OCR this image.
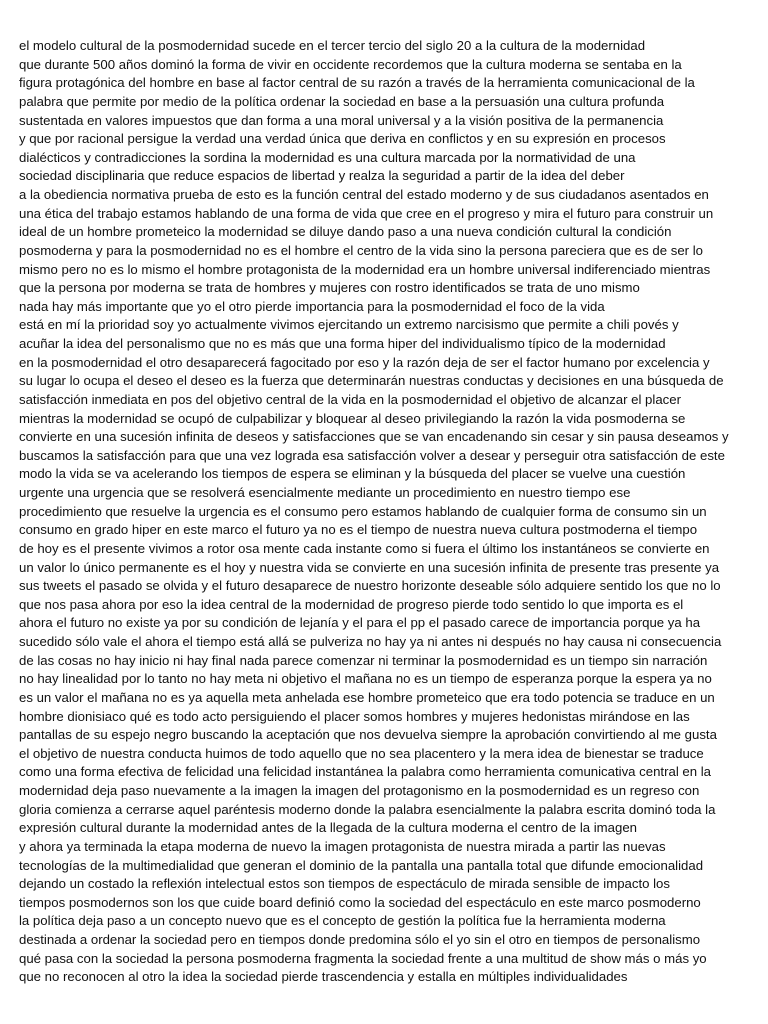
el modelo cultural de la posmodernidad sucede en el tercer tercio del siglo 20 a la cultura de la modernidad
que durante 500 años dominó la forma de vivir en occidente recordemos que la cultura moderna se sentaba en la
figura protagónica del hombre en base al factor central de su razón a través de la herramienta comunicacional de la
palabra que permite por medio de la política ordenar la sociedad en base a la persuasión una cultura profunda
sustentada en valores impuestos que dan forma a una moral universal y a la visión positiva de la permanencia
y que por racional persigue la verdad una verdad única que deriva en conflictos y en su expresión en procesos
dialécticos y contradicciones la sordina la modernidad es una cultura marcada por la normatividad de una
sociedad disciplinaria que reduce espacios de libertad y realza la seguridad a partir de la idea del deber
a la obediencia normativa prueba de esto es la función central del estado moderno y de sus ciudadanos asentados en
una ética del trabajo estamos hablando de una forma de vida que cree en el progreso y mira el futuro para construir un
ideal de un hombre prometeico la modernidad se diluye dando paso a una nueva condición cultural la condición
posmoderna y para la posmodernidad no es el hombre el centro de la vida sino la persona pareciera que es de ser lo
mismo pero no es lo mismo el hombre protagonista de la modernidad era un hombre universal indiferenciado mientras
que la persona por moderna se trata de hombres y mujeres con rostro identificados se trata de uno mismo
nada hay más importante que yo el otro pierde importancia para la posmodernidad el foco de la vida
está en mí la prioridad soy yo actualmente vivimos ejercitando un extremo narcisismo que permite a chili povés y
acuñar la idea del personalismo que no es más que una forma hiper del individualismo típico de la modernidad
en la posmodernidad el otro desaparecerá fagocitado por eso y la razón deja de ser el factor humano por excelencia y
su lugar lo ocupa el deseo el deseo es la fuerza que determinarán nuestras conductas y decisiones en una búsqueda de
satisfacción inmediata en pos del objetivo central de la vida en la posmodernidad el objetivo de alcanzar el placer
mientras la modernidad se ocupó de culpabilizar y bloquear al deseo privilegiando la razón la vida posmoderna se
convierte en una sucesión infinita de deseos y satisfacciones que se van encadenando sin cesar y sin pausa deseamos y
buscamos la satisfacción para que una vez lograda esa satisfacción volver a desear y perseguir otra satisfacción de este
modo la vida se va acelerando los tiempos de espera se eliminan y la búsqueda del placer se vuelve una cuestión
urgente una urgencia que se resolverá esencialmente mediante un procedimiento en nuestro tiempo ese
procedimiento que resuelve la urgencia es el consumo pero estamos hablando de cualquier forma de consumo sin un
consumo en grado hiper en este marco el futuro ya no es el tiempo de nuestra nueva cultura postmoderna el tiempo
de hoy es el presente vivimos a rotor osa mente cada instante como si fuera el último los instantáneos se convierte en
un valor lo único permanente es el hoy y nuestra vida se convierte en una sucesión infinita de presente tras presente ya
sus tweets el pasado se olvida y el futuro desaparece de nuestro horizonte deseable sólo adquiere sentido los que no lo
que nos pasa ahora por eso la idea central de la modernidad de progreso pierde todo sentido lo que importa es el
ahora el futuro no existe ya por su condición de lejanía y el para el pp el pasado carece de importancia porque ya ha
sucedido sólo vale el ahora el tiempo está allá se pulveriza no hay ya ni antes ni después no hay causa ni consecuencia
de las cosas no hay inicio ni hay final nada parece comenzar ni terminar la posmodernidad es un tiempo sin narración
no hay linealidad por lo tanto no hay meta ni objetivo el mañana no es un tiempo de esperanza porque la espera ya no
es un valor el mañana no es ya aquella meta anhelada ese hombre prometeico que era todo potencia se traduce en un
hombre dionisiaco qué es todo acto persiguiendo el placer somos hombres y mujeres hedonistas mirándose en las
pantallas de su espejo negro buscando la aceptación que nos devuelva siempre la aprobación convirtiendo al me gusta
el objetivo de nuestra conducta huimos de todo aquello que no sea placentero y la mera idea de bienestar se traduce
como una forma efectiva de felicidad una felicidad instantánea la palabra como herramienta comunicativa central en la
modernidad deja paso nuevamente a la imagen la imagen del protagonismo en la posmodernidad es un regreso con
gloria comienza a cerrarse aquel paréntesis moderno donde la palabra esencialmente la palabra escrita dominó toda la
expresión cultural durante la modernidad antes de la llegada de la cultura moderna el centro de la imagen
y ahora ya terminada la etapa moderna de nuevo la imagen protagonista de nuestra mirada a partir las nuevas
tecnologías de la multimedialidad que generan el dominio de la pantalla una pantalla total que difunde emocionalidad
dejando un costado la reflexión intelectual estos son tiempos de espectáculo de mirada sensible de impacto los
tiempos posmodernos son los que cuide board definió como la sociedad del espectáculo en este marco posmoderno
la política deja paso a un concepto nuevo que es el concepto de gestión la política fue la herramienta moderna
destinada a ordenar la sociedad pero en tiempos donde predomina sólo el yo sin el otro en tiempos de personalismo
qué pasa con la sociedad la persona posmoderna fragmenta la sociedad frente a una multitud de show más o más yo
que no reconocen al otro la idea la sociedad pierde trascendencia y estalla en múltiples individualidades
